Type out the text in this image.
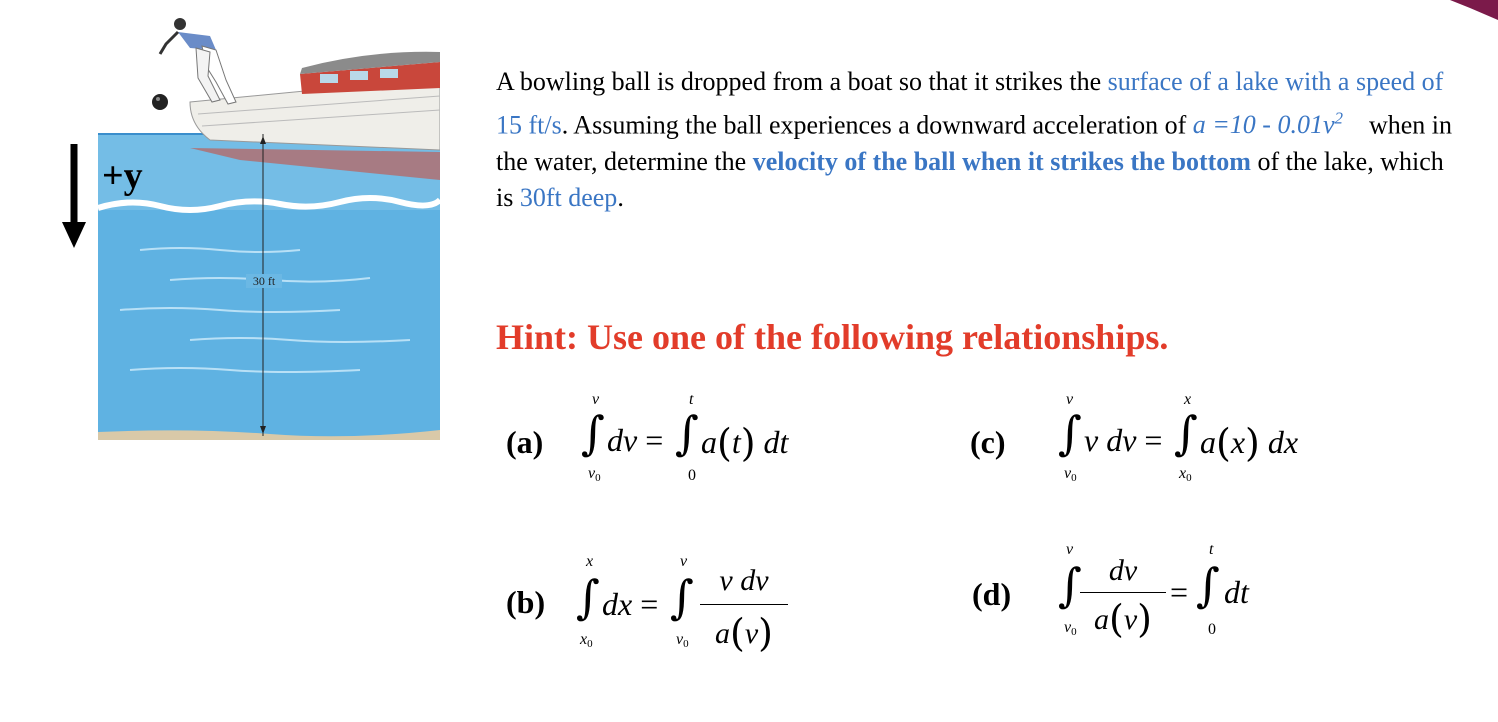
30 ft
+y
A bowling ball is dropped from a boat so that it strikes the surface of a lake with a speed of 15 ft/s. Assuming the ball experiences a downward acceleration of $a =10 - 0.01v^2$    when in the water, determine the velocity of the ball when it strikes the bottom of the lake, which is 30ft deep.
Hint: Use one of the following relationships.
(a)
v
∫
v0
dv =
t
∫
0
a(t) dt	(c)
v
∫
v0
v dv =
x
∫
x0
a(x) dx
(b)
x
∫
x0
dx =
v
∫
v0
v dv
a(v)
(d)
v
∫
v0
dv
a(v)
=
t
∫
0
dt
